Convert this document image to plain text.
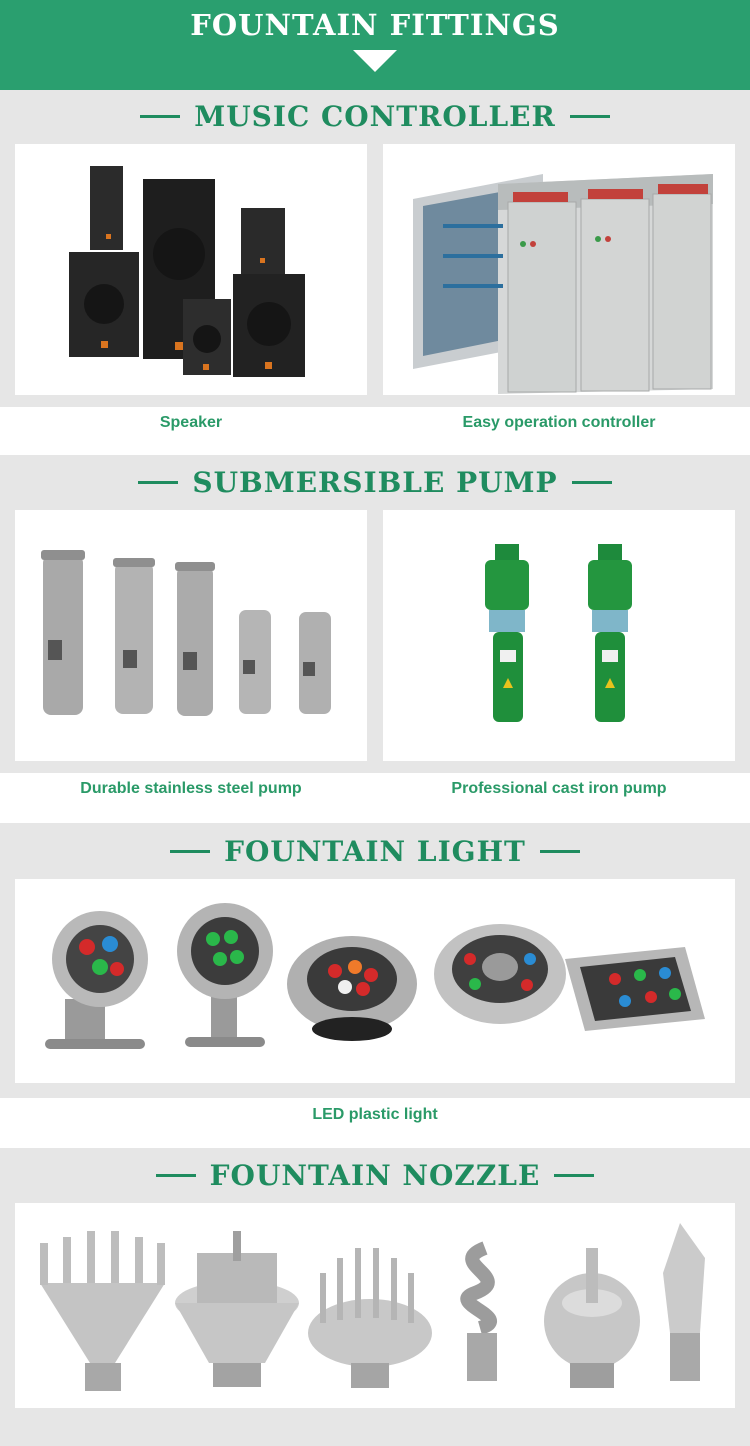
FOUNTAIN FITTINGS
MUSIC CONTROLLER
Speaker	Easy operation controller
SUBMERSIBLE PUMP
Durable stainless steel pump	Professional cast iron pump
FOUNTAIN LIGHT
LED plastic light
FOUNTAIN NOZZLE
